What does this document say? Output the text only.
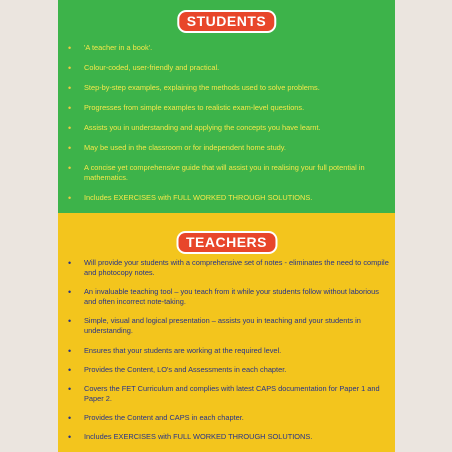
STUDENTS
• 'A teacher in a book'.
• Colour-coded, user-friendly and practical.
• Step-by-step examples, explaining the methods used to solve problems.
• Progresses from simple examples to realistic exam-level questions.
• Assists you in understanding and applying the concepts you have learnt.
• May be used in the classroom or for independent home study.
• A concise yet comprehensive guide that will assist you in realising your full potential in mathematics.
• Includes EXERCISES with FULL WORKED THROUGH SOLUTIONS.
TEACHERS
• Will provide your students with a comprehensive set of notes - eliminates the need to compile and photocopy notes.
• An invaluable teaching tool – you teach from it while your students follow without laborious and often incorrect note-taking.
• Simple, visual and logical presentation – assists you in teaching and your students in understanding.
• Ensures that your students are working at the required level.
• Provides the Content, LO's and Assessments in each chapter.
• Covers the FET Curriculum and complies with latest CAPS documentation for Paper 1 and Paper 2.
• Provides the Content and CAPS in each chapter.
• Includes EXERCISES with FULL WORKED THROUGH SOLUTIONS.
